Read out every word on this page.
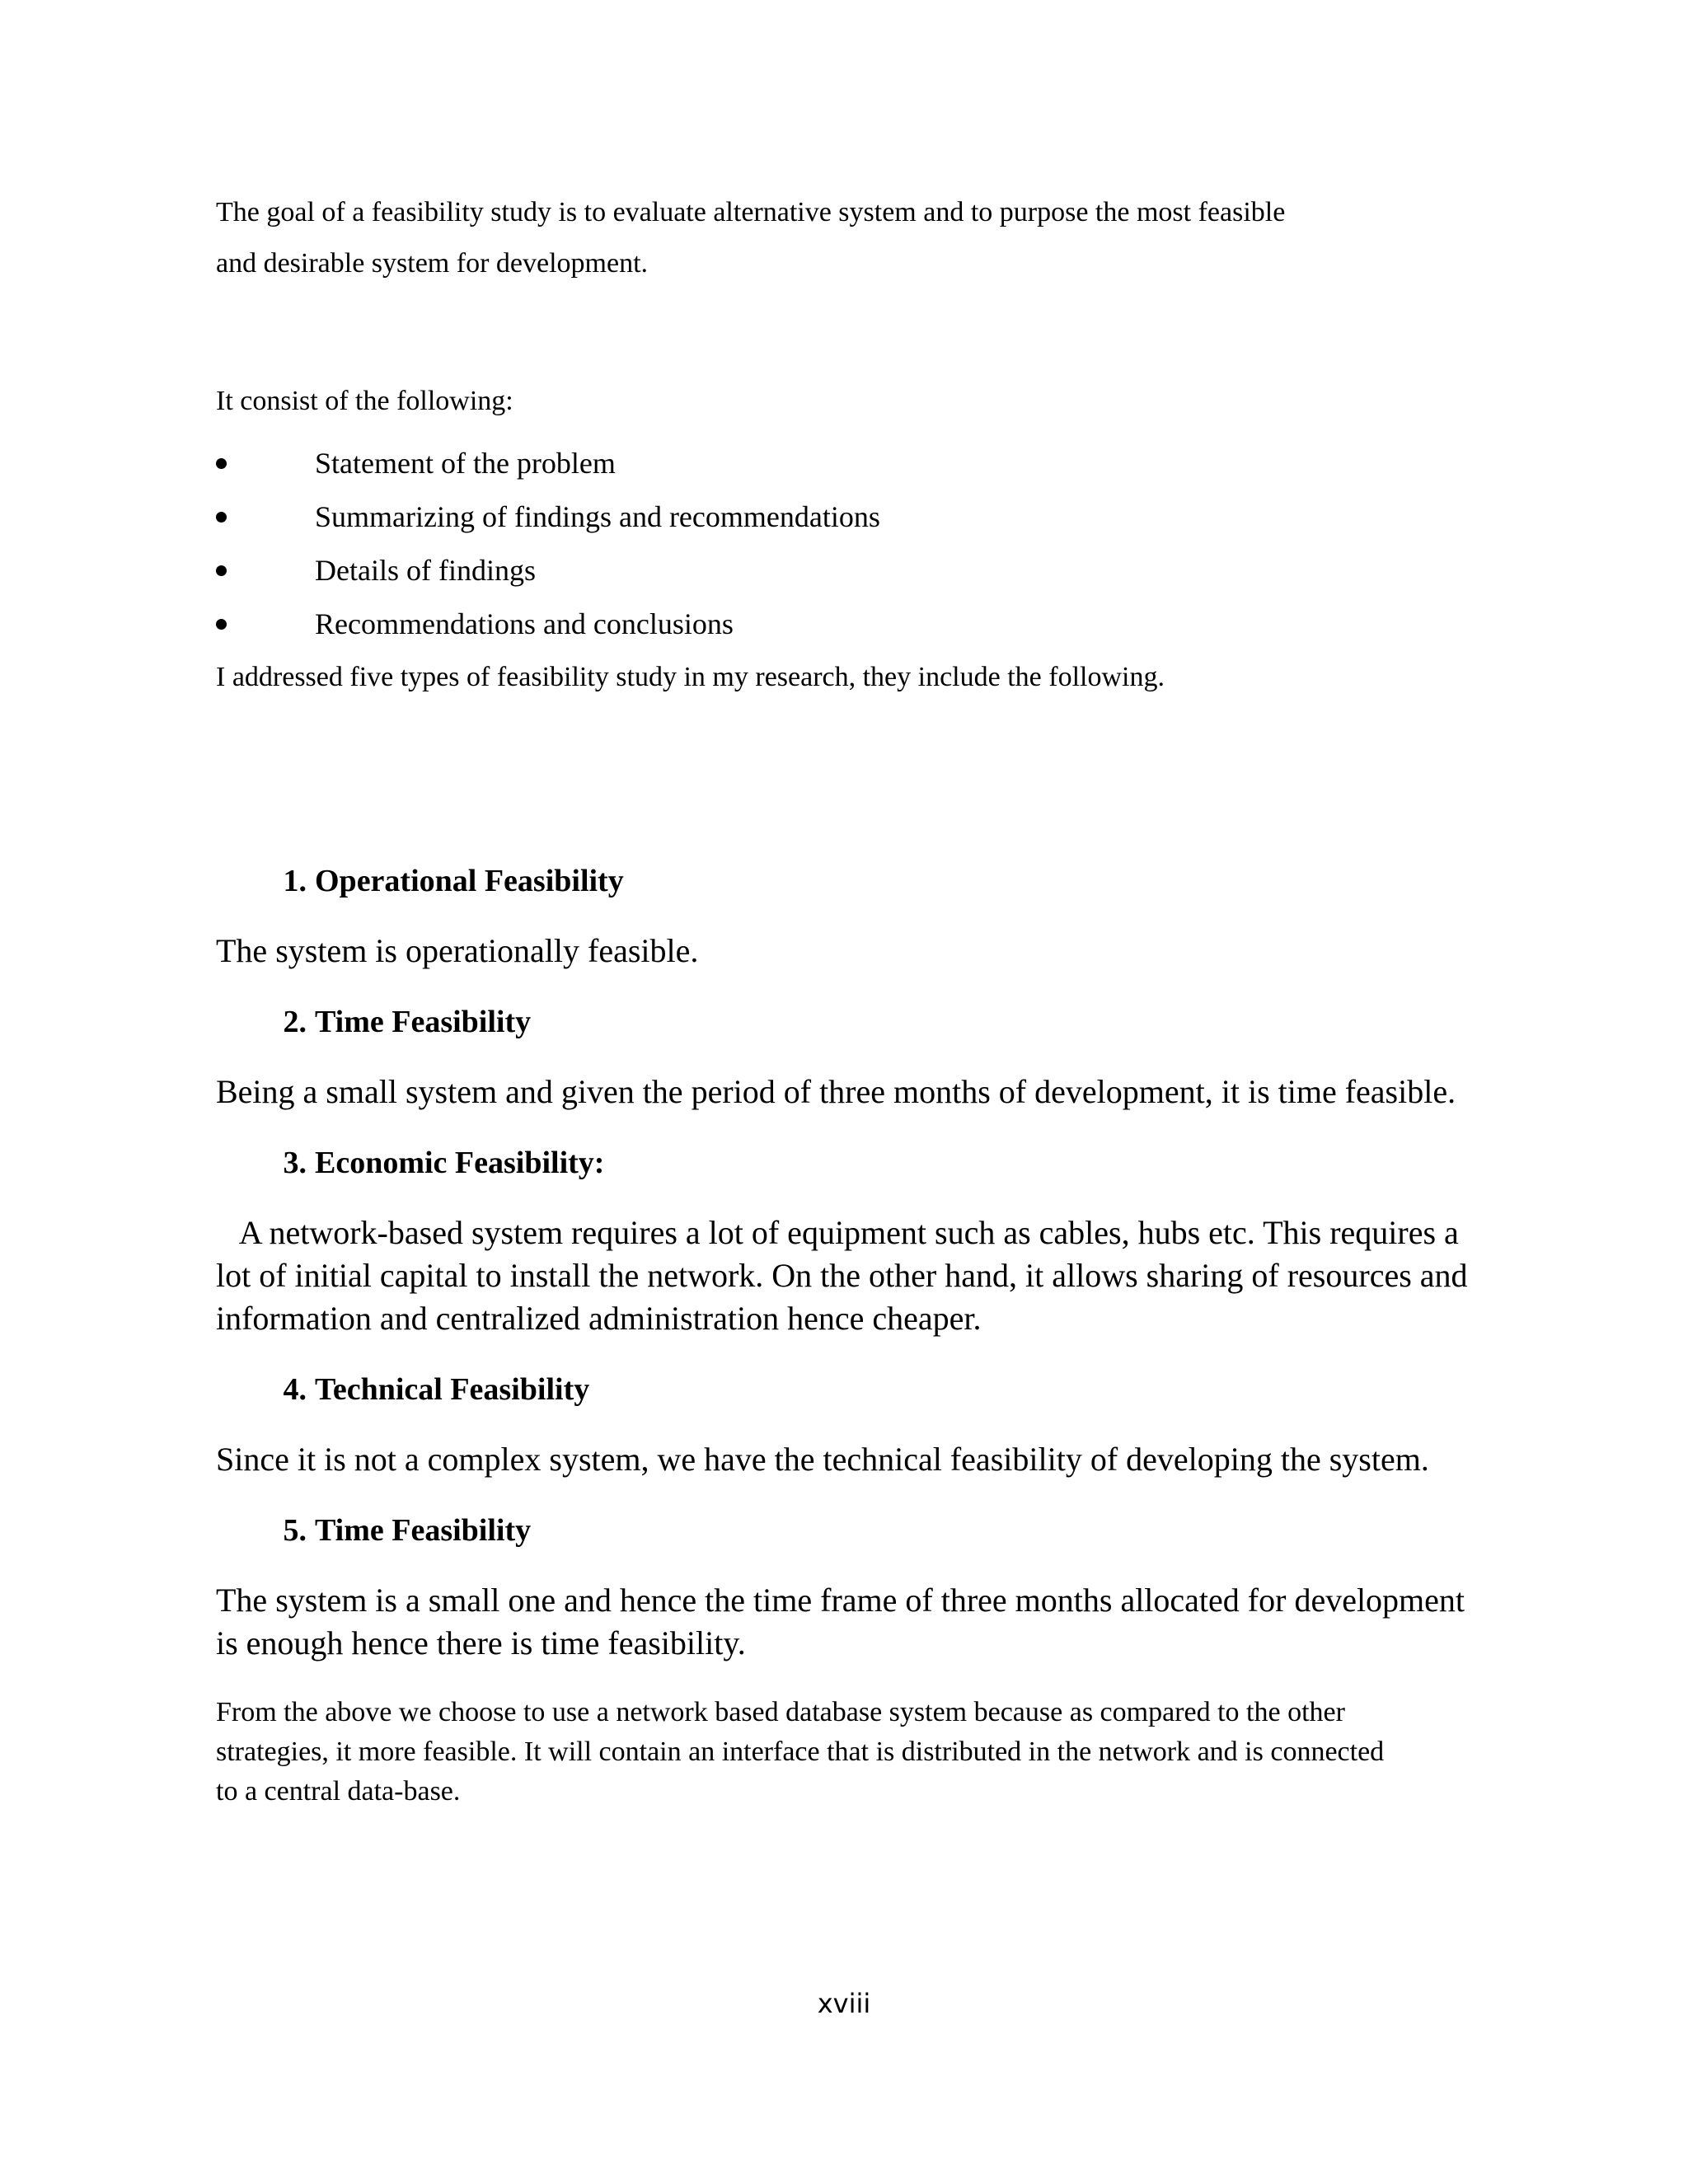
The goal of a feasibility study is to evaluate alternative system and to purpose the most feasible
and desirable system for development.
It consist of the following:
Statement of the problem
Summarizing of findings and recommendations
Details of findings
Recommendations and conclusions
I addressed five types of feasibility study in my research, they include the following.
1. Operational Feasibility
The system is operationally feasible.
2. Time Feasibility
Being a small system and given the period of three months of development, it is time feasible.
3. Economic Feasibility:
A network-based system requires a lot of equipment such as cables, hubs etc. This requires a
lot of initial capital to install the network. On the other hand, it allows sharing of resources and
information and centralized administration hence cheaper.
4. Technical Feasibility
Since it is not a complex system, we have the technical feasibility of developing the system.
5. Time Feasibility
The system is a small one and hence the time frame of three months allocated for development
is enough hence there is time feasibility.
From the above we choose to use a network based database system because as compared to the other
strategies, it more feasible. It will contain an interface that is distributed in the network and is connected
to a central data-base.
xviii
